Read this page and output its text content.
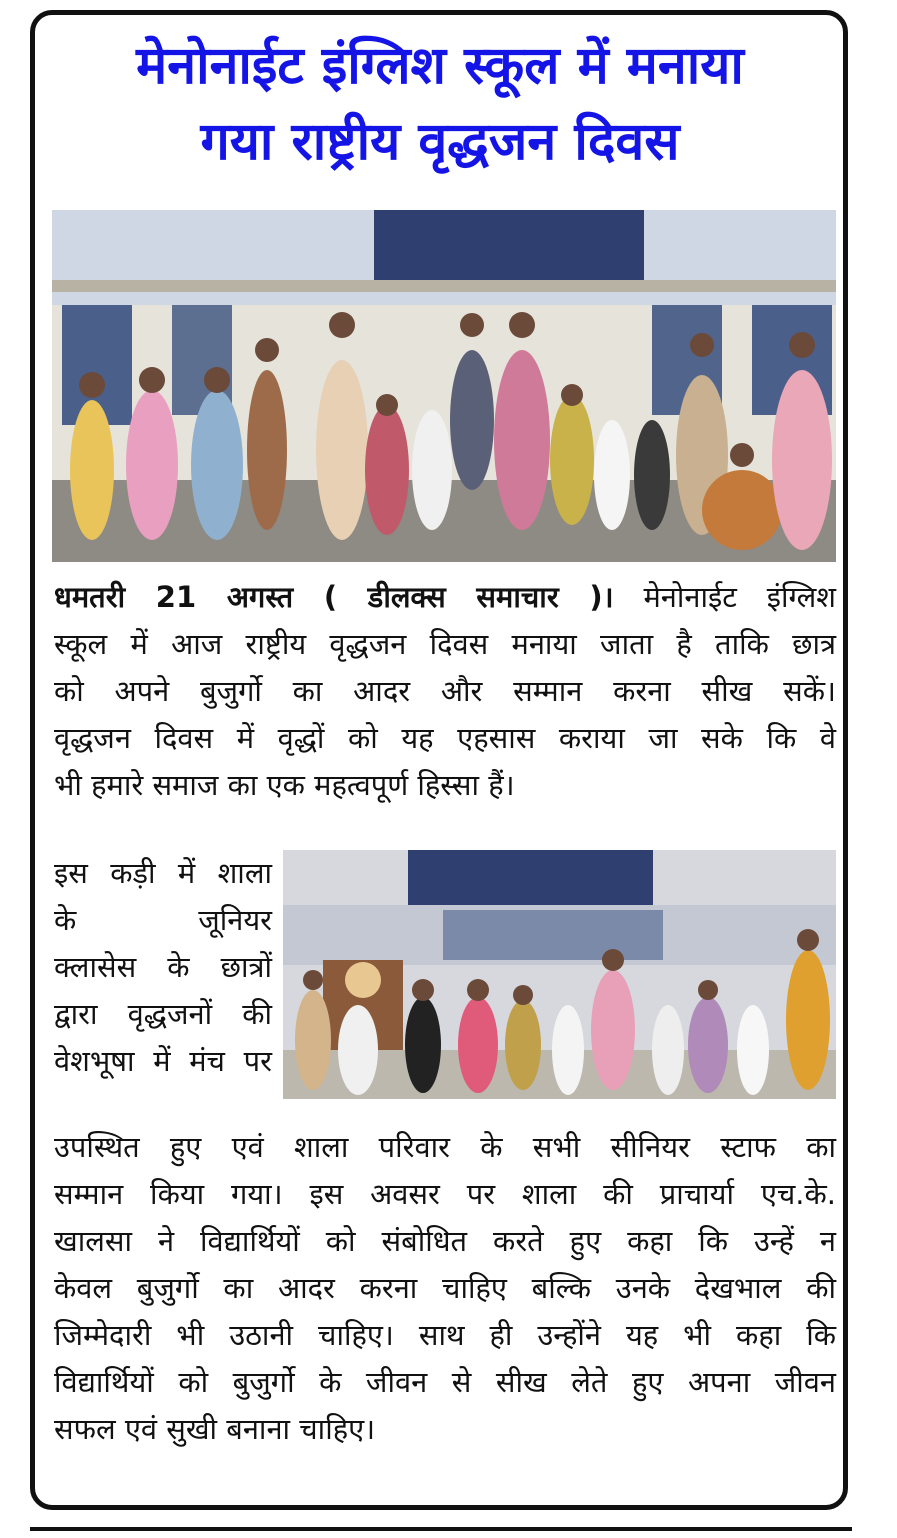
मेनोनाईट इंग्लिश स्कूल में मनाया
गया राष्ट्रीय वृद्धजन दिवस

धमतरी 21 अगस्त ( डीलक्स समाचार )। मेनोनाईट इंग्लिश
स्कूल में आज राष्ट्रीय वृद्धजन दिवस मनाया जाता है ताकि छात्र
को अपने बुजुर्गो का आदर और सम्मान करना सीख सकें।
वृद्धजन दिवस में वृद्धों को यह एहसास कराया जा सके कि वे
भी हमारे समाज का एक महत्वपूर्ण हिस्सा हैं।

इस कड़ी में शाला
के जूनियर
क्लासेस के छात्रों
द्वारा वृद्धजनों की
वेशभूषा में मंच पर

उपस्थित हुए एवं शाला परिवार के सभी सीनियर स्टाफ का
सम्मान किया गया। इस अवसर पर शाला की प्राचार्या एच.के.
खालसा ने विद्यार्थियों को संबोधित करते हुए कहा कि उन्हें न
केवल बुजुर्गो का आदर करना चाहिए बल्कि उनके देखभाल की
जिम्मेदारी भी उठानी चाहिए। साथ ही उन्होंने यह भी कहा कि
विद्यार्थियों को बुजुर्गो के जीवन से सीख लेते हुए अपना जीवन
सफल एवं सुखी बनाना चाहिए।
